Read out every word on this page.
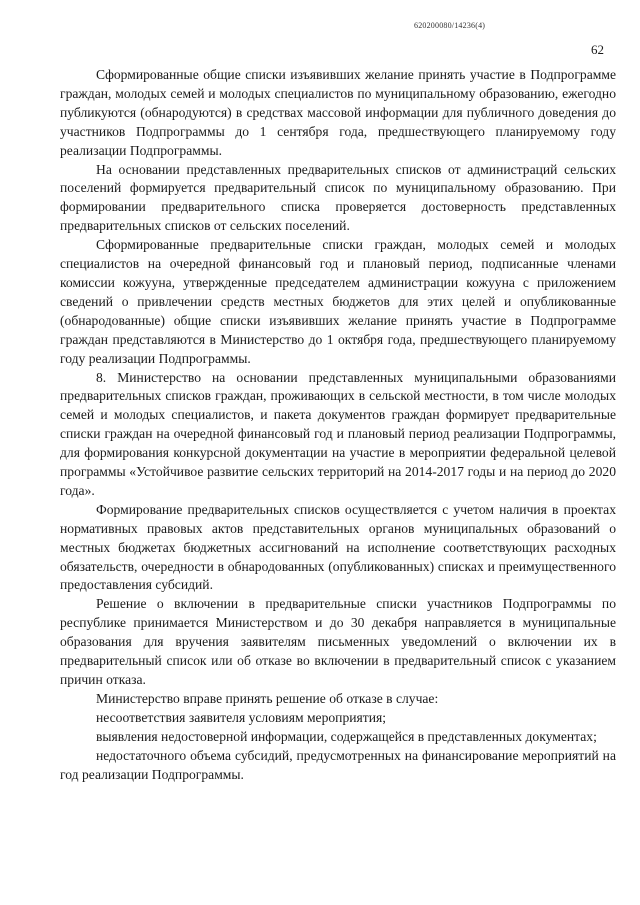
620200080/14236(4)
62

Сформированные общие списки изъявивших желание принять участие в Подпрограмме граждан, молодых семей и молодых специалистов по муниципальному образованию, ежегодно публикуются (обнародуются) в средствах массовой информации для публичного доведения до участников Подпрограммы до 1 сентября года, предшествующего планируемому году реализации Подпрограммы.

На основании представленных предварительных списков от администраций сельских поселений формируется предварительный список по муниципальному образованию. При формировании предварительного списка проверяется достоверность представленных предварительных списков от сельских поселений.

Сформированные предварительные списки граждан, молодых семей и молодых специалистов на очередной финансовый год и плановый период, подписанные членами комиссии кожууна, утвержденные председателем администрации кожууна с приложением сведений о привлечении средств местных бюджетов для этих целей и опубликованные (обнародованные) общие списки изъявивших желание принять участие в Подпрограмме граждан представляются в Министерство до 1 октября года, предшествующего планируемому году реализации Подпрограммы.

8. Министерство на основании представленных муниципальными образованиями предварительных списков граждан, проживающих в сельской местности, в том числе молодых семей и молодых специалистов, и пакета документов граждан формирует предварительные списки граждан на очередной финансовый год и плановый период реализации Подпрограммы, для формирования конкурсной документации на участие в мероприятии федеральной целевой программы «Устойчивое развитие сельских территорий на 2014-2017 годы и на период до 2020 года».

Формирование предварительных списков осуществляется с учетом наличия в проектах нормативных правовых актов представительных органов муниципальных образований о местных бюджетах бюджетных ассигнований на исполнение соответствующих расходных обязательств, очередности в обнародованных (опубликованных) списках и преимущественного предоставления субсидий.

Решение о включении в предварительные списки участников Подпрограммы по республике принимается Министерством и до 30 декабря направляется в муниципальные образования для вручения заявителям письменных уведомлений о включении их в предварительный список или об отказе во включении в предварительный список с указанием причин отказа.

Министерство вправе принять решение об отказе в случае:

несоответствия заявителя условиям мероприятия;

выявления недостоверной информации, содержащейся в представленных документах;

недостаточного объема субсидий, предусмотренных на финансирование мероприятий на год реализации Подпрограммы.
